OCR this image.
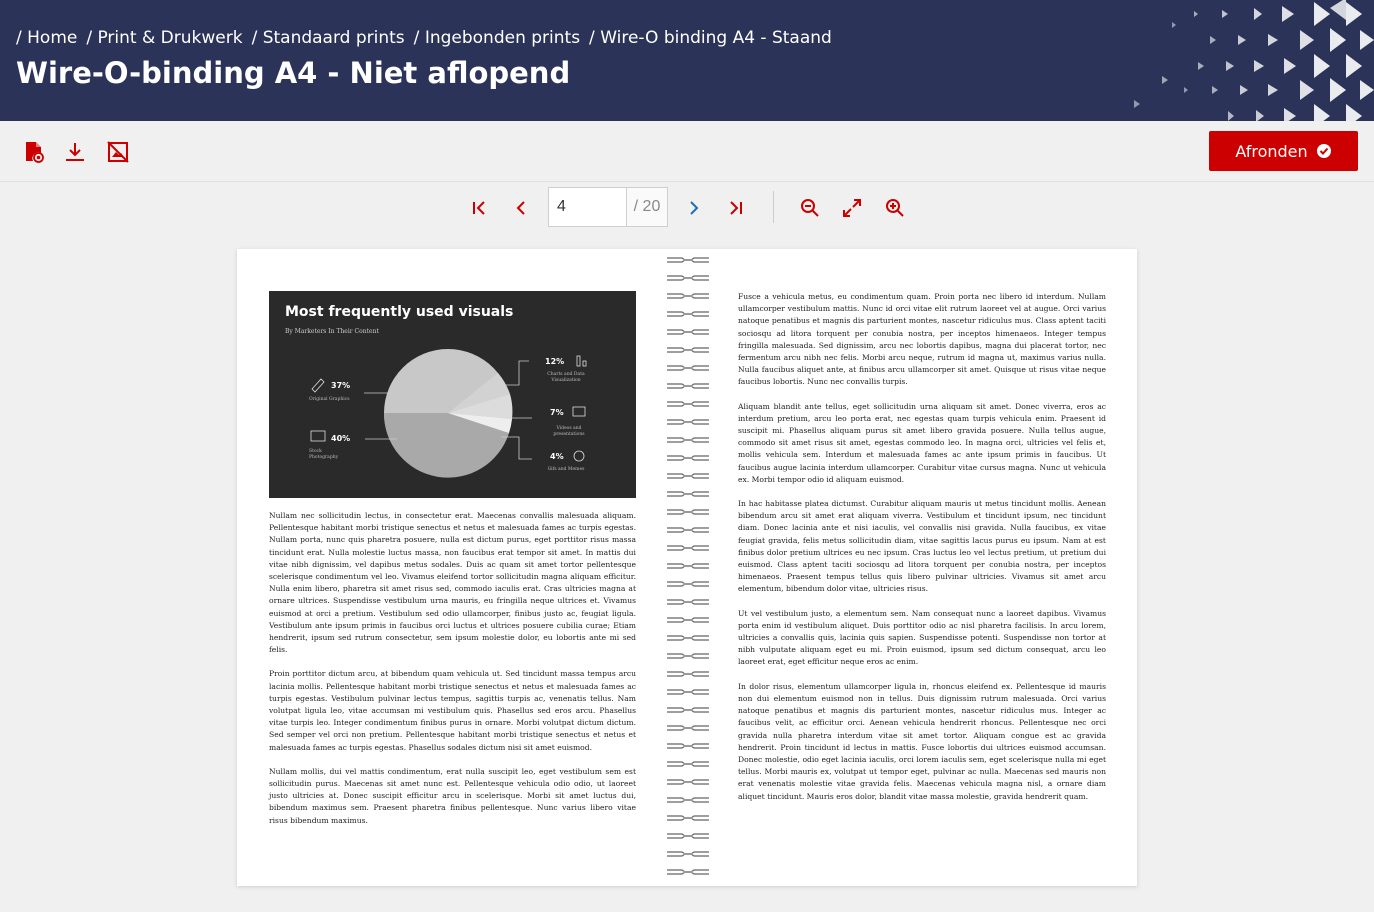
/ Home	/ Print & Drukwerk	/ Standaard prints	/ Ingebonden prints	/ Wire-O binding A4 - Staand
Wire-O-binding A4 - Niet aflopend
Afronden
4
/ 20
Most frequently used visuals
By Marketers In Their Content
37%
Original Graphics
40%
Stock Photography
12%
Charts and Data Visualization
7%
Videos and presentations
4%
Gifs and Memes

Nullam nec sollicitudin lectus, in consectetur erat. Maecenas convallis malesuada aliquam. Pellentesque habitant morbi tristique senectus et netus et malesuada fames ac turpis egestas. Nullam porta, nunc quis pharetra posuere, nulla est dictum purus, eget porttitor risus massa tincidunt erat. Nulla molestie luctus massa, non faucibus erat tempor sit amet. In mattis dui vitae nibh dignissim, vel dapibus metus sodales. Duis ac quam sit amet tortor pellentesque scelerisque condimentum vel leo. Vivamus eleifend tortor sollicitudin magna aliquam efficitur. Nulla enim libero, pharetra sit amet risus sed, commodo iaculis erat. Cras ultricies magna at ornare ultrices. Suspendisse vestibulum urna mauris, eu fringilla neque ultrices et. Vivamus euismod at orci a pretium. Vestibulum sed odio ullamcorper, finibus justo ac, feugiat ligula. Vestibulum ante ipsum primis in faucibus orci luctus et ultrices posuere cubilia curae; Etiam hendrerit, ipsum sed rutrum consectetur, sem ipsum molestie dolor, eu lobortis ante mi sed felis.

Proin porttitor dictum arcu, at bibendum quam vehicula ut. Sed tincidunt massa tempus arcu lacinia mollis. Pellentesque habitant morbi tristique senectus et netus et malesuada fames ac turpis egestas. Vestibulum pulvinar lectus tempus, sagittis turpis ac, venenatis tellus. Nam volutpat ligula leo, vitae accumsan mi vestibulum quis. Phasellus sed eros arcu. Phasellus vitae turpis leo. Integer condimentum finibus purus in ornare. Morbi volutpat dictum dictum. Sed semper vel orci non pretium. Pellentesque habitant morbi tristique senectus et netus et malesuada fames ac turpis egestas. Phasellus sodales dictum nisi sit amet euismod.

Nullam mollis, dui vel mattis condimentum, erat nulla suscipit leo, eget vestibulum sem est sollicitudin purus. Maecenas sit amet nunc est. Pellentesque vehicula odio odio, ut laoreet justo ultricies at. Donec suscipit efficitur arcu in scelerisque. Morbi sit amet luctus dui, bibendum maximus sem. Praesent pharetra finibus pellentesque. Nunc varius libero vitae risus bibendum maximus.

Fusce a vehicula metus, eu condimentum quam. Proin porta nec libero id interdum. Nullam ullamcorper vestibulum mattis. Nunc id orci vitae elit rutrum laoreet vel at augue. Orci varius natoque penatibus et magnis dis parturient montes, nascetur ridiculus mus. Class aptent taciti sociosqu ad litora torquent per conubia nostra, per inceptos himenaeos. Integer tempus fringilla malesuada. Sed dignissim, arcu nec lobortis dapibus, magna dui placerat tortor, nec fermentum arcu nibh nec felis. Morbi arcu neque, rutrum id magna ut, maximus varius nulla. Nulla faucibus aliquet ante, at finibus arcu ullamcorper sit amet. Quisque ut risus vitae neque faucibus lobortis. Nunc nec convallis turpis.

Aliquam blandit ante tellus, eget sollicitudin urna aliquam sit amet. Donec viverra, eros ac interdum pretium, arcu leo porta erat, nec egestas quam turpis vehicula enim. Praesent id suscipit mi. Phasellus aliquam purus sit amet libero gravida posuere. Nulla tellus augue, commodo sit amet risus sit amet, egestas commodo leo. In magna orci, ultricies vel felis et, mollis vehicula sem. Interdum et malesuada fames ac ante ipsum primis in faucibus. Ut faucibus augue lacinia interdum ullamcorper. Curabitur vitae cursus magna. Nunc ut vehicula ex. Morbi tempor odio id aliquam euismod.

In hac habitasse platea dictumst. Curabitur aliquam mauris ut metus tincidunt mollis. Aenean bibendum arcu sit amet erat aliquam viverra. Vestibulum et tincidunt ipsum, nec tincidunt diam. Donec lacinia ante et nisi iaculis, vel convallis nisi gravida. Nulla faucibus, ex vitae feugiat gravida, felis metus sollicitudin diam, vitae sagittis lacus purus eu ipsum. Nam at est finibus dolor pretium ultrices eu nec ipsum. Cras luctus leo vel lectus pretium, ut pretium dui euismod. Class aptent taciti sociosqu ad litora torquent per conubia nostra, per inceptos himenaeos. Praesent tempus tellus quis libero pulvinar ultricies. Vivamus sit amet arcu elementum, bibendum dolor vitae, ultricies risus.

Ut vel vestibulum justo, a elementum sem. Nam consequat nunc a laoreet dapibus. Vivamus porta enim id vestibulum aliquet. Duis porttitor odio ac nisl pharetra facilisis. In arcu lorem, ultricies a convallis quis, lacinia quis sapien. Suspendisse potenti. Suspendisse non tortor at nibh vulputate aliquam eget eu mi. Proin euismod, ipsum sed dictum consequat, arcu leo laoreet erat, eget efficitur neque eros ac enim.

In dolor risus, elementum ullamcorper ligula in, rhoncus eleifend ex. Pellentesque id mauris non dui elementum euismod non in tellus. Duis dignissim rutrum malesuada. Orci varius natoque penatibus et magnis dis parturient montes, nascetur ridiculus mus. Integer ac faucibus velit, ac efficitur orci. Aenean vehicula hendrerit rhoncus. Pellentesque nec orci gravida nulla pharetra interdum vitae sit amet tortor. Aliquam congue est ac gravida hendrerit. Proin tincidunt id lectus in mattis. Fusce lobortis dui ultrices euismod accumsan. Donec molestie, odio eget lacinia iaculis, orci lorem iaculis sem, eget scelerisque nulla mi eget tellus. Morbi mauris ex, volutpat ut tempor eget, pulvinar ac nulla. Maecenas sed mauris non erat venenatis molestie vitae gravida felis. Maecenas vehicula magna nisl, a ornare diam aliquet tincidunt. Mauris eros dolor, blandit vitae massa molestie, gravida hendrerit quam.
